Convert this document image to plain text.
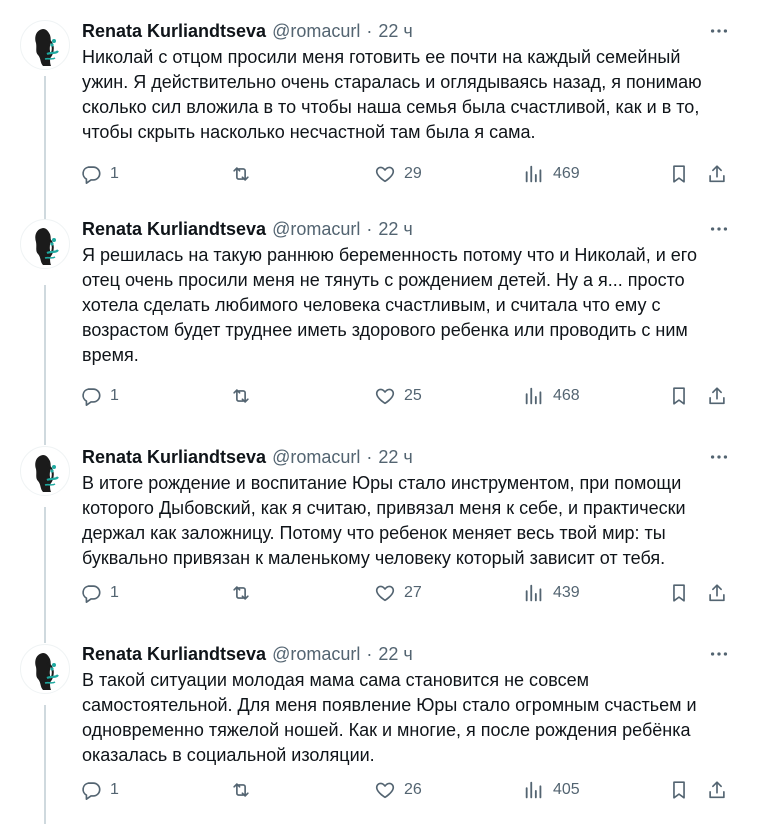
Renata Kurliandtseva @romacurl · 22 ч
Николай с отцом просили меня готовить ее почти на каждый семейный
ужин. Я действительно очень старалась и оглядываясь назад, я понимаю
сколько сил вложила в то чтобы наша семья была счастливой, как и в то,
чтобы скрыть насколько несчастной там была я сама.
1	29	469
Renata Kurliandtseva @romacurl · 22 ч
Я решилась на такую раннюю беременность потому что и Николай, и его
отец очень просили меня не тянуть с рождением детей. Ну а я... просто
хотела сделать любимого человека счастливым, и считала что ему с
возрастом будет труднее иметь здорового ребенка или проводить с ним
время.
1	25	468
Renata Kurliandtseva @romacurl · 22 ч
В итоге рождение и воспитание Юры стало инструментом, при помощи
которого Дыбовский, как я считаю, привязал меня к себе, и практически
держал как заложницу. Потому что ребенок меняет весь твой мир: ты
буквально привязан к маленькому человеку который зависит от тебя.
1	27	439
Renata Kurliandtseva @romacurl · 22 ч
В такой ситуации молодая мама сама становится не совсем
самостоятельной. Для меня появление Юры стало огромным счастьем и
одновременно тяжелой ношей. Как и многие, я после рождения ребёнка
оказалась в социальной изоляции.
1	26	405
